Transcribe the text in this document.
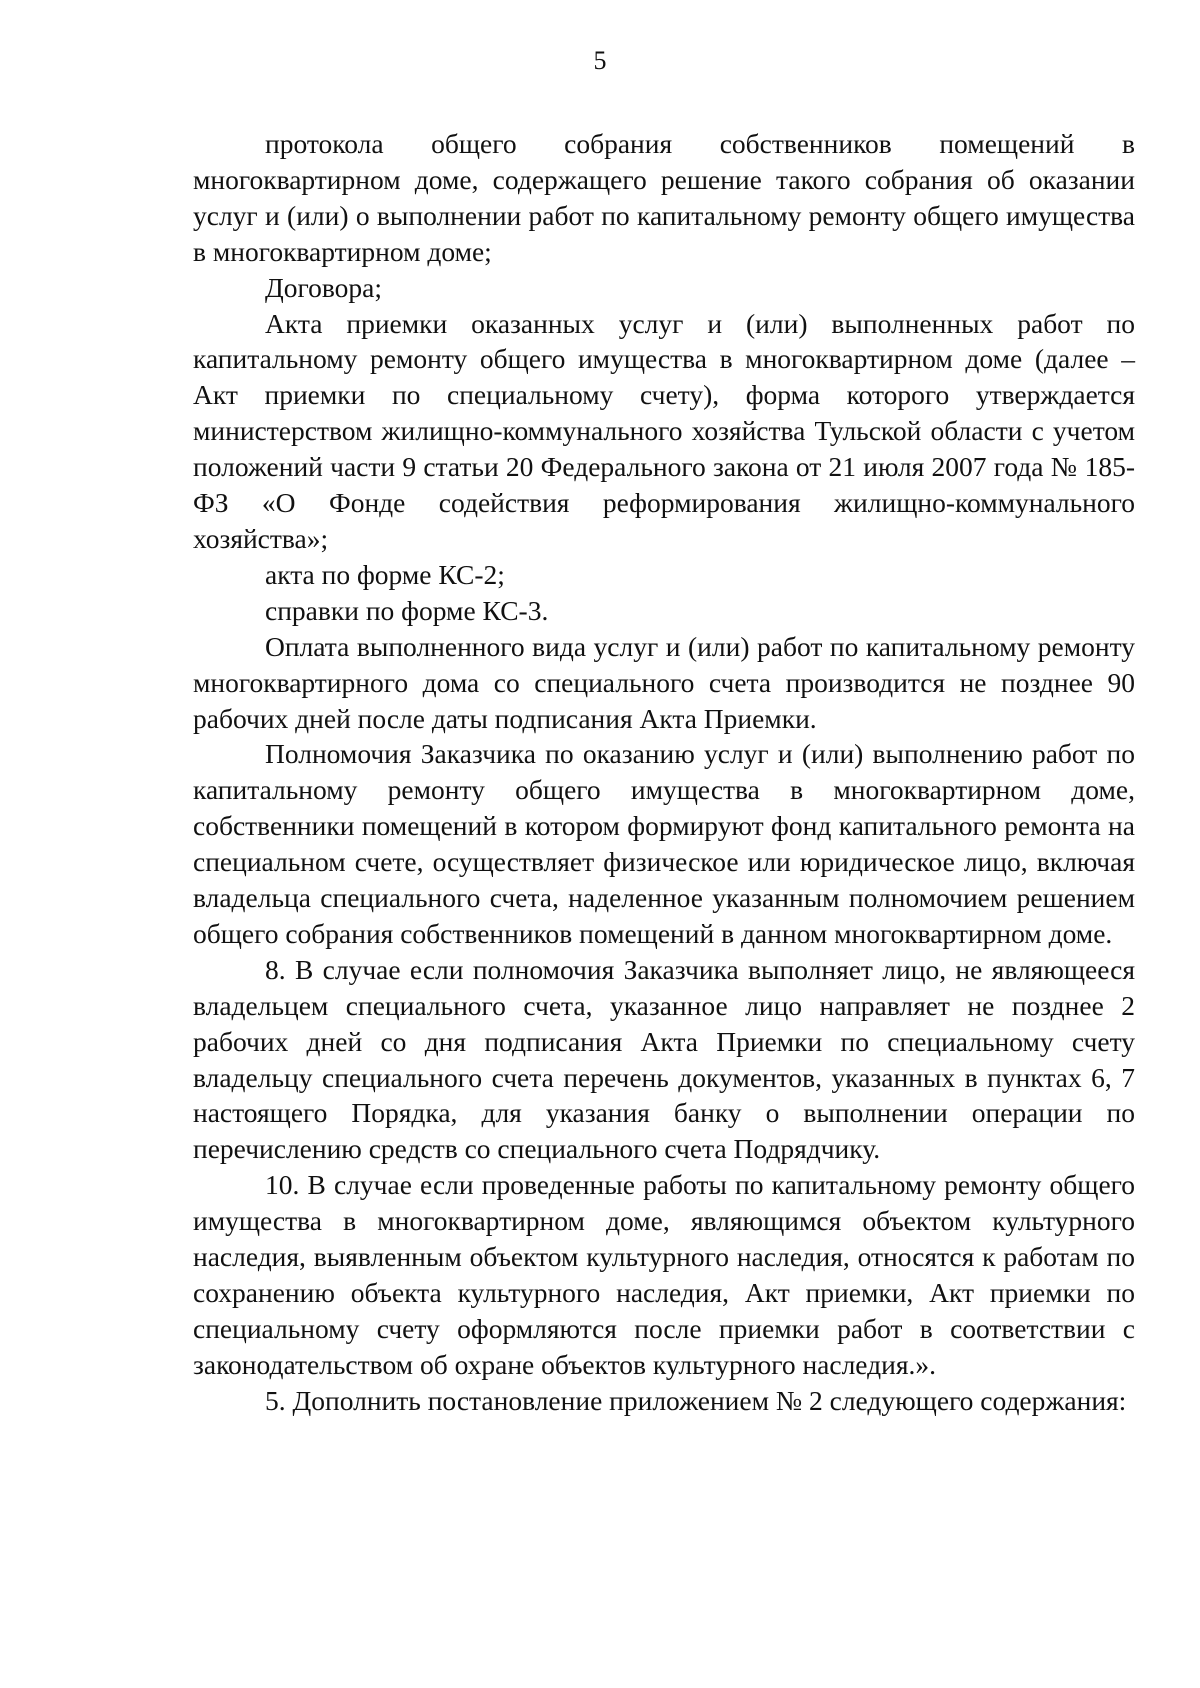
5

протокола общего собрания собственников помещений в многоквартирном доме, содержащего решение такого собрания об оказании услуг и (или) о выполнении работ по капитальному ремонту общего имущества в многоквартирном доме;

Договора;

Акта приемки оказанных услуг и (или) выполненных работ по капитальному ремонту общего имущества в многоквартирном доме (далее – Акт приемки по специальному счету), форма которого утверждается министерством жилищно-коммунального хозяйства Тульской области с учетом положений части 9 статьи 20 Федерального закона от 21 июля 2007 года № 185-ФЗ «О Фонде содействия реформирования жилищно-коммунального хозяйства»;

акта по форме КС-2;

справки по форме КС-3.

Оплата выполненного вида услуг и (или) работ по капитальному ремонту многоквартирного дома со специального счета производится не позднее 90 рабочих дней после даты подписания Акта Приемки.

Полномочия Заказчика по оказанию услуг и (или) выполнению работ по капитальному ремонту общего имущества в многоквартирном доме, собственники помещений в котором формируют фонд капитального ремонта на специальном счете, осуществляет физическое или юридическое лицо, включая владельца специального счета, наделенное указанным полномочием решением общего собрания собственников помещений в данном многоквартирном доме.

8. В случае если полномочия Заказчика выполняет лицо, не являющееся владельцем специального счета, указанное лицо направляет не позднее 2 рабочих дней со дня подписания Акта Приемки по специальному счету владельцу специального счета перечень документов, указанных в пунктах 6, 7 настоящего Порядка, для указания банку о выполнении операции по перечислению средств со специального счета Подрядчику.

10. В случае если проведенные работы по капитальному ремонту общего имущества в многоквартирном доме, являющимся объектом культурного наследия, выявленным объектом культурного наследия, относятся к работам по сохранению объекта культурного наследия, Акт приемки, Акт приемки по специальному счету оформляются после приемки работ в соответствии с законодательством об охране объектов культурного наследия.».

5. Дополнить постановление приложением № 2 следующего содержания:
